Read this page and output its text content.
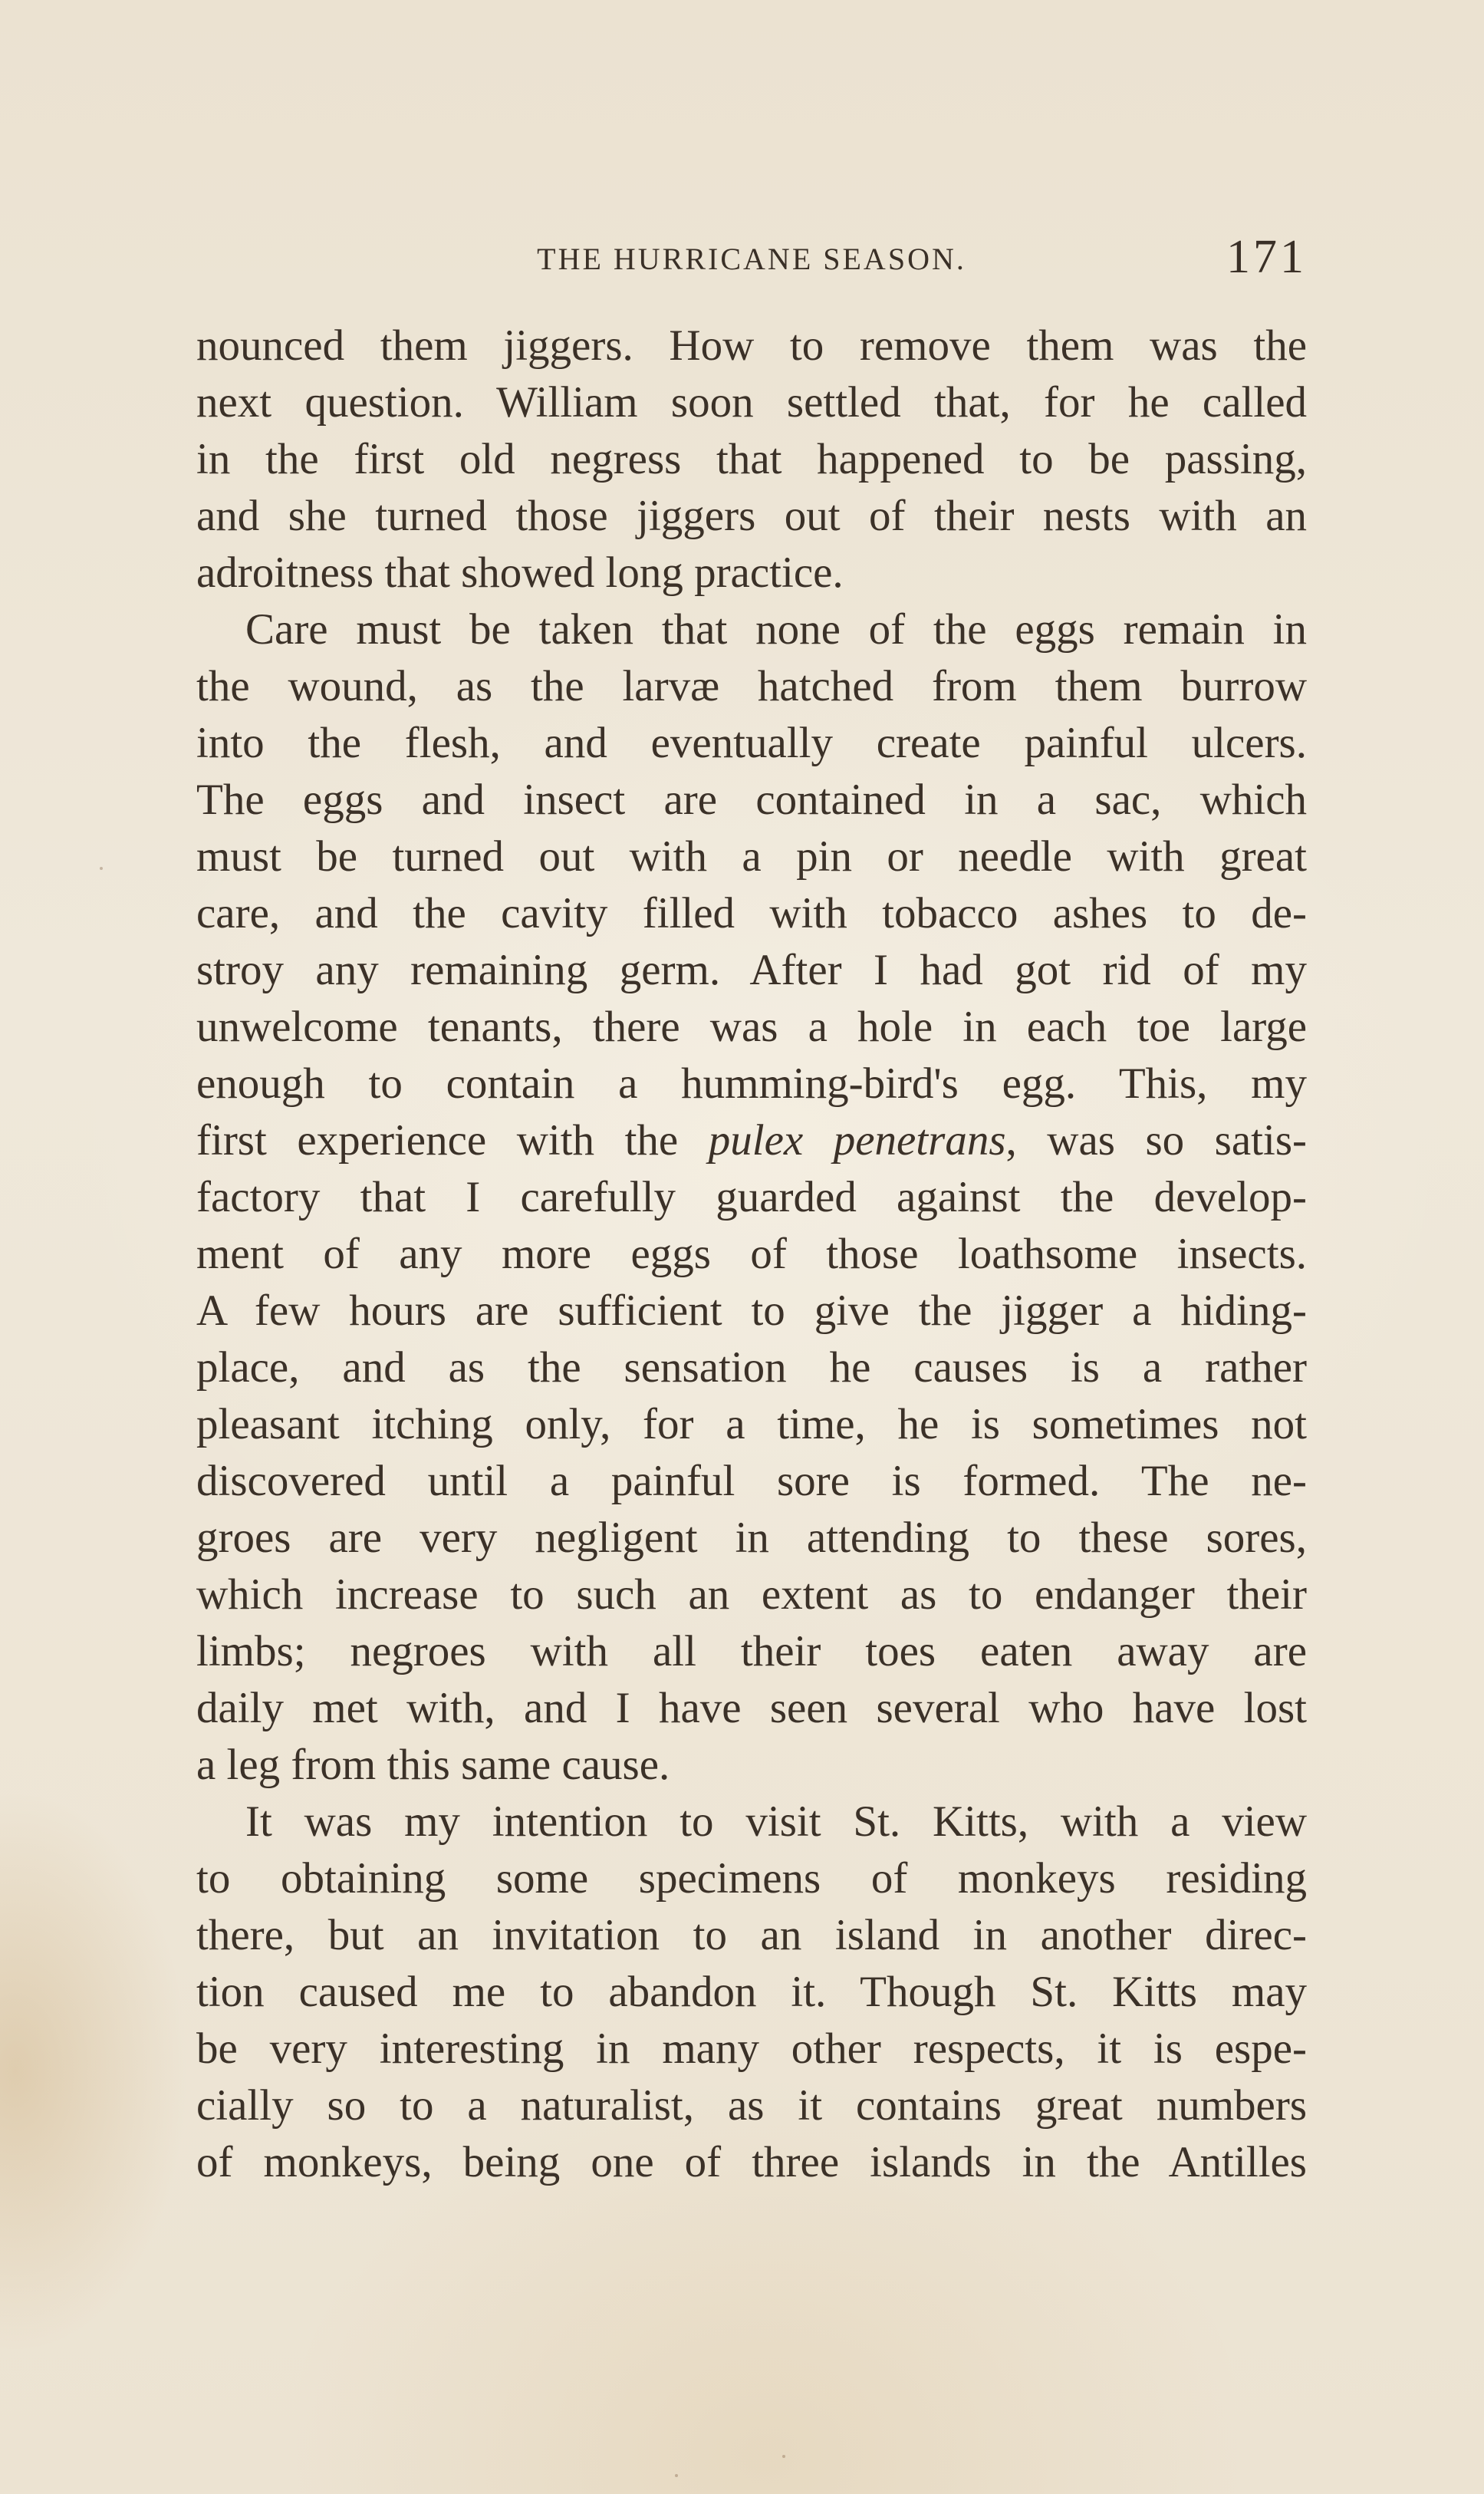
THE HURRICANE SEASON.	171
nounced them jiggers. How to remove them was the
next question. William soon settled that, for he called
in the first old negress that happened to be passing,
and she turned those jiggers out of their nests with an
adroitness that showed long practice.
Care must be taken that none of the eggs remain in
the wound, as the larvæ hatched from them burrow
into the flesh, and eventually create painful ulcers.
The eggs and insect are contained in a sac, which
must be turned out with a pin or needle with great
care, and the cavity filled with tobacco ashes to de-
stroy any remaining germ. After I had got rid of my
unwelcome tenants, there was a hole in each toe large
enough to contain a humming-bird's egg. This, my
first experience with the pulex penetrans, was so satis-
factory that I carefully guarded against the develop-
ment of any more eggs of those loathsome insects.
A few hours are sufficient to give the jigger a hiding-
place, and as the sensation he causes is a rather
pleasant itching only, for a time, he is sometimes not
discovered until a painful sore is formed. The ne-
groes are very negligent in attending to these sores,
which increase to such an extent as to endanger their
limbs; negroes with all their toes eaten away are
daily met with, and I have seen several who have lost
a leg from this same cause.
It was my intention to visit St. Kitts, with a view
to obtaining some specimens of monkeys residing
there, but an invitation to an island in another direc-
tion caused me to abandon it. Though St. Kitts may
be very interesting in many other respects, it is espe-
cially so to a naturalist, as it contains great numbers
of monkeys, being one of three islands in the Antilles
